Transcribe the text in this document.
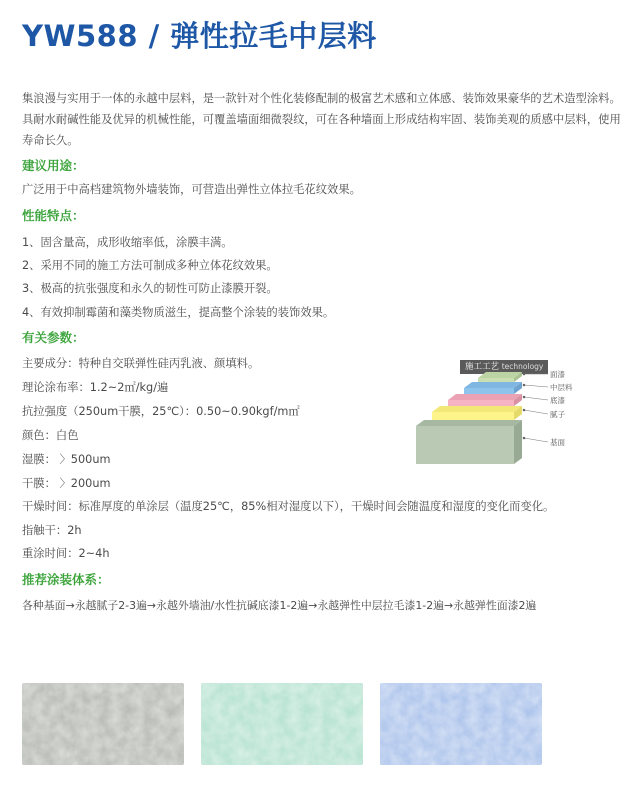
YW588 / 弹性拉毛中层料
集浪漫与实用于一体的永越中层料，是一款针对个性化装修配制的极富艺术感和立体感、装饰效果豪华的艺术造型涂料。具耐水耐碱性能及优异的机械性能，可覆盖墙面细微裂纹，可在各种墙面上形成结构牢固、装饰美观的质感中层料，使用寿命长久。
建议用途：
广泛用于中高档建筑物外墙装饰，可营造出弹性立体拉毛花纹效果。
性能特点：
1、固含量高，成形收缩率低，涂膜丰满。
2、采用不同的施工方法可制成多种立体花纹效果。
3、极高的抗张强度和永久的韧性可防止漆膜开裂。
4、有效抑制霉菌和藻类物质滋生，提高整个涂装的装饰效果。
有关参数：
主要成分：特种自交联弹性硅丙乳液、颜填料。
理论涂布率：1.2~2㎡/kg/遍
抗拉强度（250um干膜，25℃）：0.50~0.90kgf/m㎡
颜色：白色
湿膜： 〉500um
干膜： 〉200um
干燥时间：标准厚度的单涂层（温度25℃，85%相对湿度以下），干燥时间会随温度和湿度的变化而变化。
指触干：2h
重涂时间：2~4h
推荐涂装体系：
各种基面→永越腻子2-3遍→永越外墙油/水性抗碱底漆1-2遍→永越弹性中层拉毛漆1-2遍→永越弹性面漆2遍
施工工艺 technology
面漆
中层料
底漆
腻子
基面
